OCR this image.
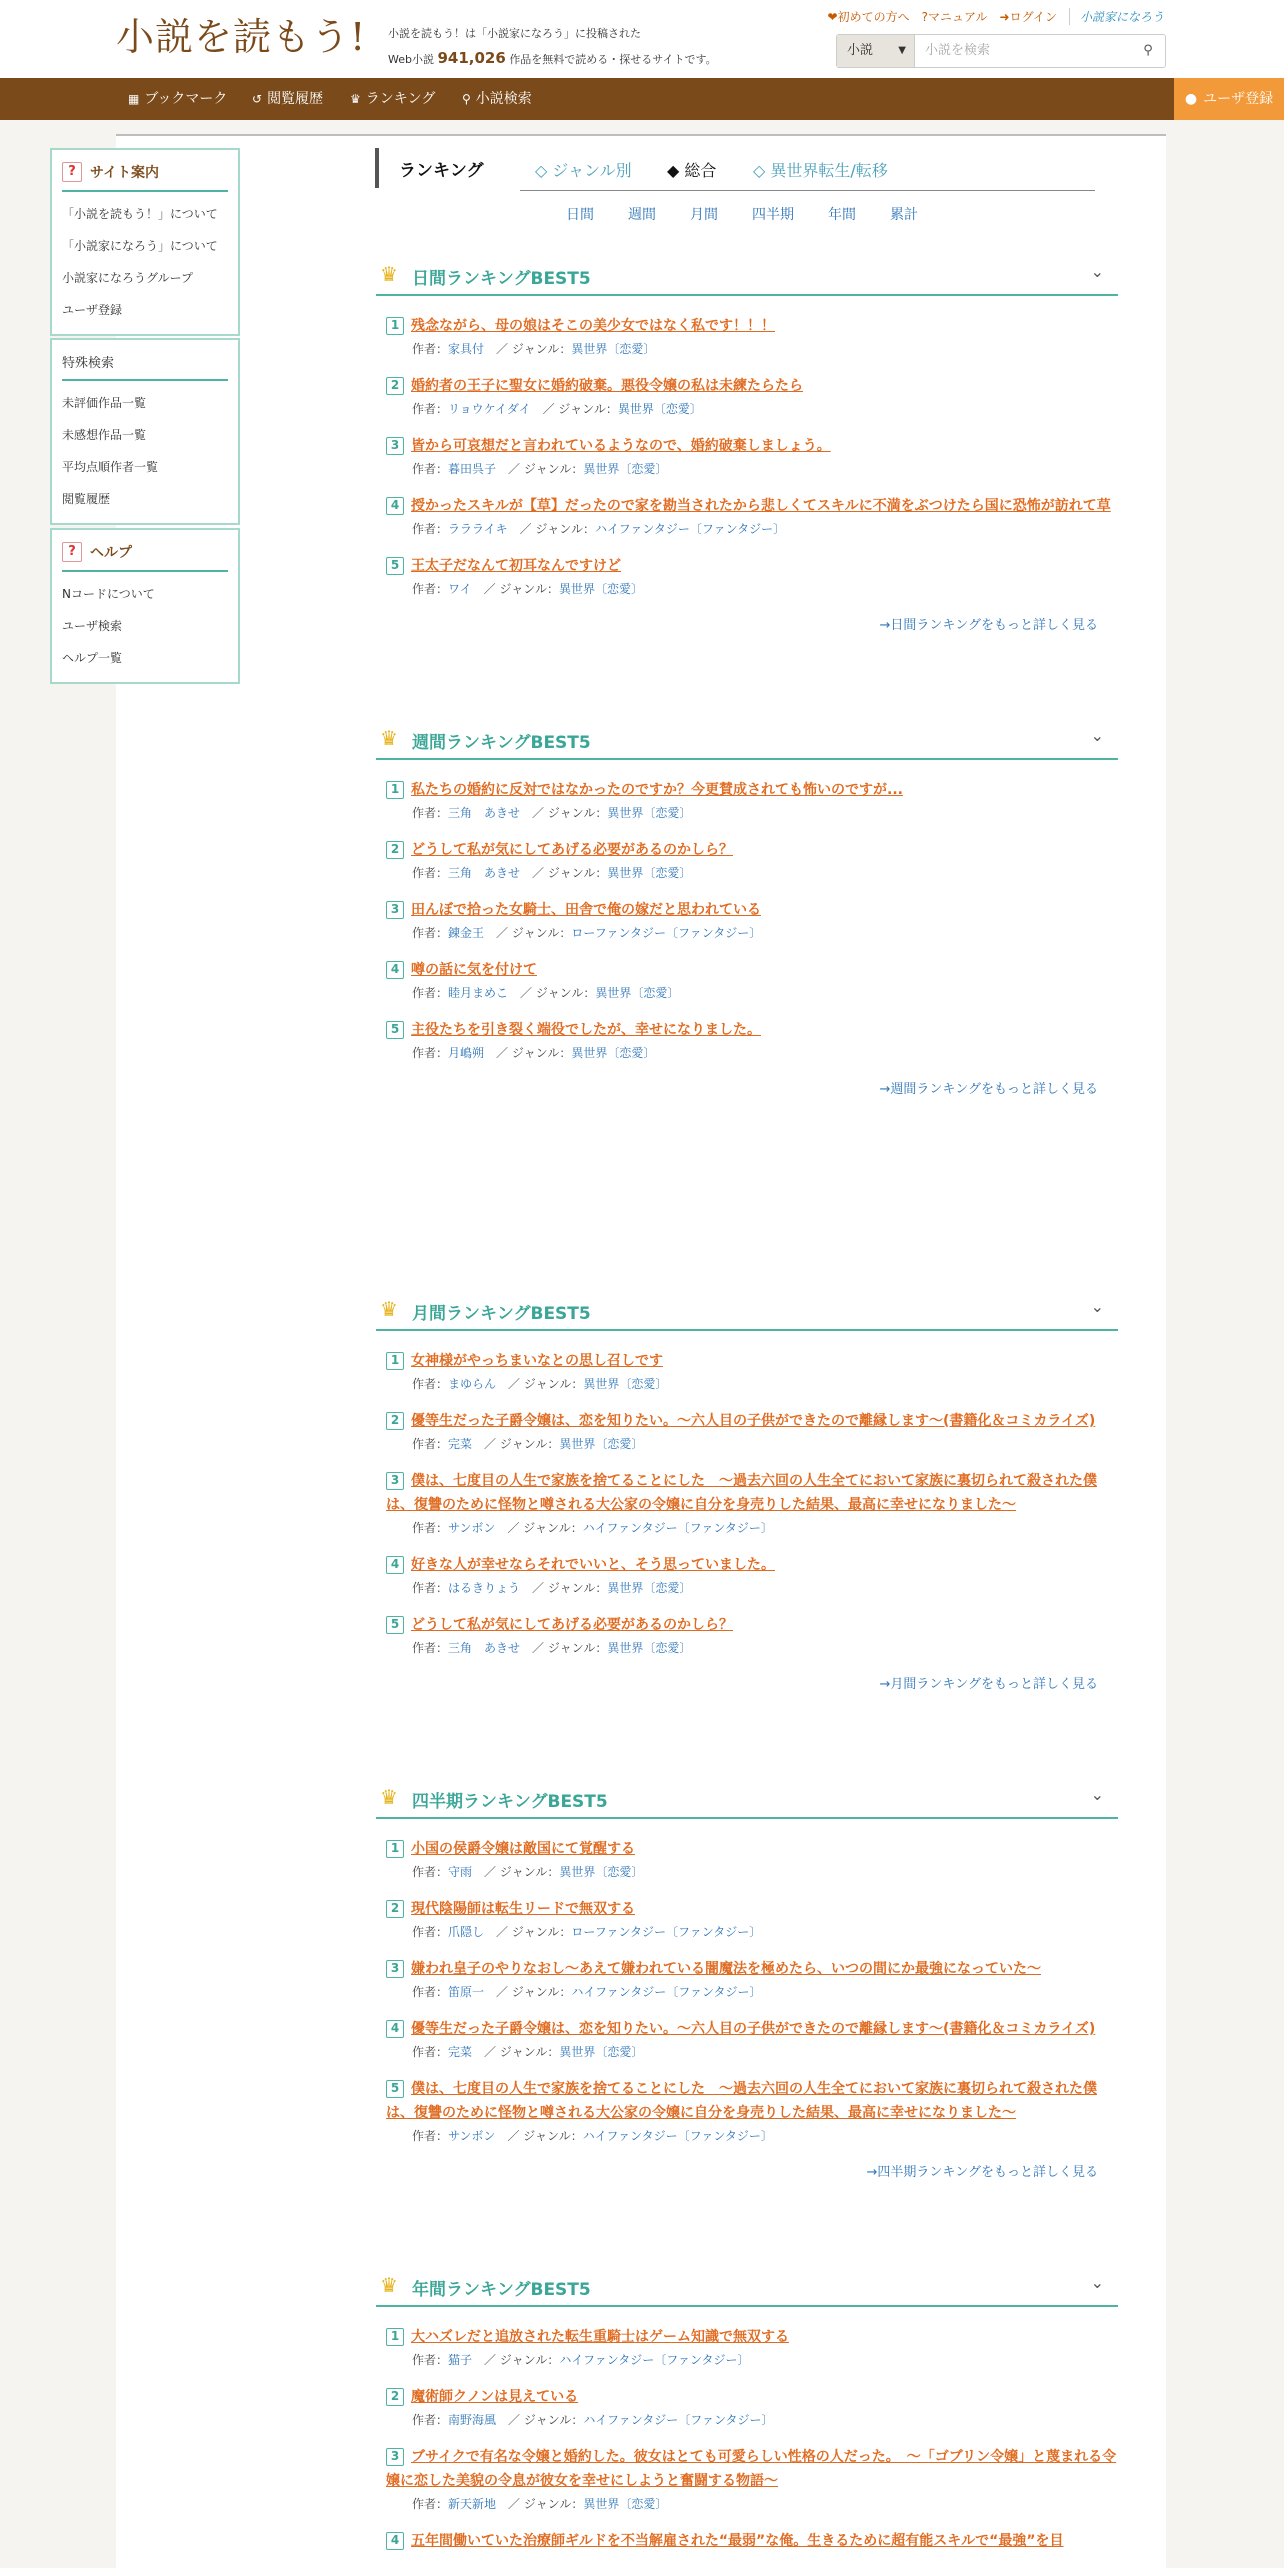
小説を読もう! 小説を読もう！は「小説家になろう」に投稿された
Web小説 941,026 作品を無料で読める・探せるサイトです。
❤初めての方へ ?マニュアル ➜ログイン	小説家になろう
小説	▼	小説を検索	⚲
▦ ブックマーク ↺ 閲覧履歴 ♛ ランキング ⚲ 小説検索	● ユーザ登録
?	サイト案内
「小説を読もう！」について
「小説家になろう」について
小説家になろうグループ
ユーザ登録
特殊検索
未評価作品一覧
未感想作品一覧
平均点順作者一覧
閲覧履歴
?	ヘルプ
Nコードについて
ユーザ検索
ヘルプ一覧
ランキング	◇ ジャンル別 ◆ 総合 ◇ 異世界転生/転移
日間 週間 月間 四半期 年間 累計
♛ 日間ランキングBEST5	⌄
1 残念ながら、母の娘はそこの美少女ではなく私です！！！
作者：家具付　 ／ ジャンル：異世界〔恋愛〕
2 婚約者の王子に聖女に婚約破棄。悪役令嬢の私は未練たらたら
作者：リョウケイダイ　 ／ ジャンル：異世界〔恋愛〕
3 皆から可哀想だと言われているようなので、婚約破棄しましょう。
作者：暮田呉子　 ／ ジャンル：異世界〔恋愛〕
4 授かったスキルが【草】だったので家を勘当されたから悲しくてスキルに不満をぶつけたら国に恐怖が訪れて草
作者：ララライキ　 ／ ジャンル：ハイファンタジー〔ファンタジー〕
5 王太子だなんて初耳なんですけど
作者：ワイ　 ／ ジャンル：異世界〔恋愛〕
→日間ランキングをもっと詳しく見る
♛ 週間ランキングBEST5	⌄
1 私たちの婚約に反対ではなかったのですか？今更賛成されても怖いのですが...
作者：三角　あきせ　 ／ ジャンル：異世界〔恋愛〕
2 どうして私が気にしてあげる必要があるのかしら？
作者：三角　あきせ　 ／ ジャンル：異世界〔恋愛〕
3 田んぼで拾った女騎士、田舎で俺の嫁だと思われている
作者：錬金王　 ／ ジャンル：ローファンタジー〔ファンタジー〕
4 噂の話に気を付けて
作者：睦月まめこ　 ／ ジャンル：異世界〔恋愛〕
5 主役たちを引き裂く端役でしたが、幸せになりました。
作者：月嶋朔　 ／ ジャンル：異世界〔恋愛〕
→週間ランキングをもっと詳しく見る
♛ 月間ランキングBEST5	⌄
1 女神様がやっちまいなとの思し召しです
作者：まゆらん　 ／ ジャンル：異世界〔恋愛〕
2 優等生だった子爵令嬢は、恋を知りたい。～六人目の子供ができたので離縁します～(書籍化＆コミカライズ)
作者：完菜　 ／ ジャンル：異世界〔恋愛〕
3 僕は、七度目の人生で家族を捨てることにした　～過去六回の人生全てにおいて家族に裏切られて殺された僕は、復讐のために怪物と噂される大公家の令嬢に自分を身売りした結果、最高に幸せになりました～
作者：サンボン　 ／ ジャンル：ハイファンタジー〔ファンタジー〕
4 好きな人が幸せならそれでいいと、そう思っていました。
作者：はるきりょう　 ／ ジャンル：異世界〔恋愛〕
5 どうして私が気にしてあげる必要があるのかしら？
作者：三角　あきせ　 ／ ジャンル：異世界〔恋愛〕
→月間ランキングをもっと詳しく見る
♛ 四半期ランキングBEST5	⌄
1 小国の侯爵令嬢は敵国にて覚醒する
作者：守雨　 ／ ジャンル：異世界〔恋愛〕
2 現代陰陽師は転生リードで無双する
作者：爪隠し　 ／ ジャンル：ローファンタジー〔ファンタジー〕
3 嫌われ皇子のやりなおし～あえて嫌われている闇魔法を極めたら、いつの間にか最強になっていた～
作者：笛原一　 ／ ジャンル：ハイファンタジー〔ファンタジー〕
4 優等生だった子爵令嬢は、恋を知りたい。～六人目の子供ができたので離縁します～(書籍化＆コミカライズ)
作者：完菜　 ／ ジャンル：異世界〔恋愛〕
5 僕は、七度目の人生で家族を捨てることにした　～過去六回の人生全てにおいて家族に裏切られて殺された僕は、復讐のために怪物と噂される大公家の令嬢に自分を身売りした結果、最高に幸せになりました～
作者：サンボン　 ／ ジャンル：ハイファンタジー〔ファンタジー〕
→四半期ランキングをもっと詳しく見る
♛ 年間ランキングBEST5	⌄
1 大ハズレだと追放された転生重騎士はゲーム知識で無双する
作者：猫子　 ／ ジャンル：ハイファンタジー〔ファンタジー〕
2 魔術師クノンは見えている
作者：南野海風　 ／ ジャンル：ハイファンタジー〔ファンタジー〕
3 ブサイクで有名な令嬢と婚約した。彼女はとても可愛らしい性格の人だった。　～「ゴブリン令嬢」と蔑まれる令嬢に恋した美貌の令息が彼女を幸せにしようと奮闘する物語～
作者：新天新地　 ／ ジャンル：異世界〔恋愛〕
4 五年間働いていた治療師ギルドを不当解雇された“最弱”な俺。生きるために超有能スキルで“最強”を目
